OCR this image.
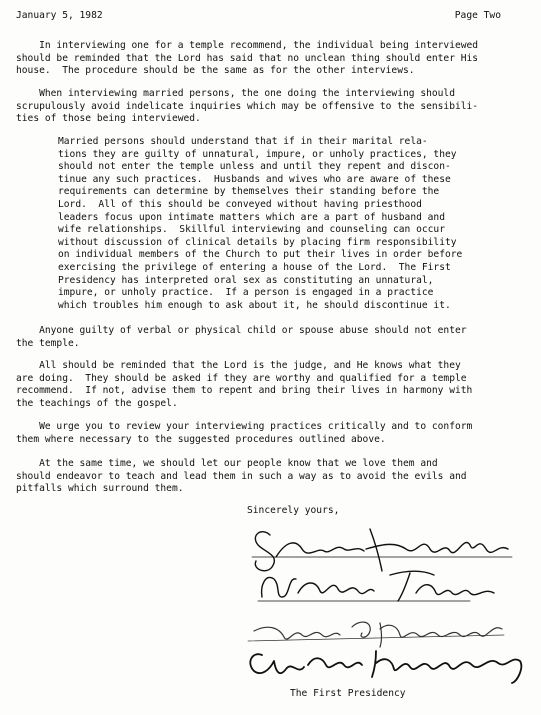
January 5, 1982	Page Two
In interviewing one for a temple recommend, the individual being interviewed
should be reminded that the Lord has said that no unclean thing should enter His
house.  The procedure should be the same as for the other interviews.
When interviewing married persons, the one doing the interviewing should
scrupulously avoid indelicate inquiries which may be offensive to the sensibili-
ties of those being interviewed.
Married persons should understand that if in their marital rela-
tions they are guilty of unnatural, impure, or unholy practices, they
should not enter the temple unless and until they repent and discon-
tinue any such practices.  Husbands and wives who are aware of these
requirements can determine by themselves their standing before the
Lord.  All of this should be conveyed without having priesthood
leaders focus upon intimate matters which are a part of husband and
wife relationships.  Skillful interviewing and counseling can occur
without discussion of clinical details by placing firm responsibility
on individual members of the Church to put their lives in order before
exercising the privilege of entering a house of the Lord.  The First
Presidency has interpreted oral sex as constituting an unnatural,
impure, or unholy practice.  If a person is engaged in a practice
which troubles him enough to ask about it, he should discontinue it.
Anyone guilty of verbal or physical child or spouse abuse should not enter
the temple.
All should be reminded that the Lord is the judge, and He knows what they
are doing.  They should be asked if they are worthy and qualified for a temple
recommend.  If not, advise them to repent and bring their lives in harmony with
the teachings of the gospel.
We urge you to review your interviewing practices critically and to conform
them where necessary to the suggested procedures outlined above.
At the same time, we should let our people know that we love them and
should endeavor to teach and lead them in such a way as to avoid the evils and
pitfalls which surround them.
Sincerely yours,
The First Presidency
